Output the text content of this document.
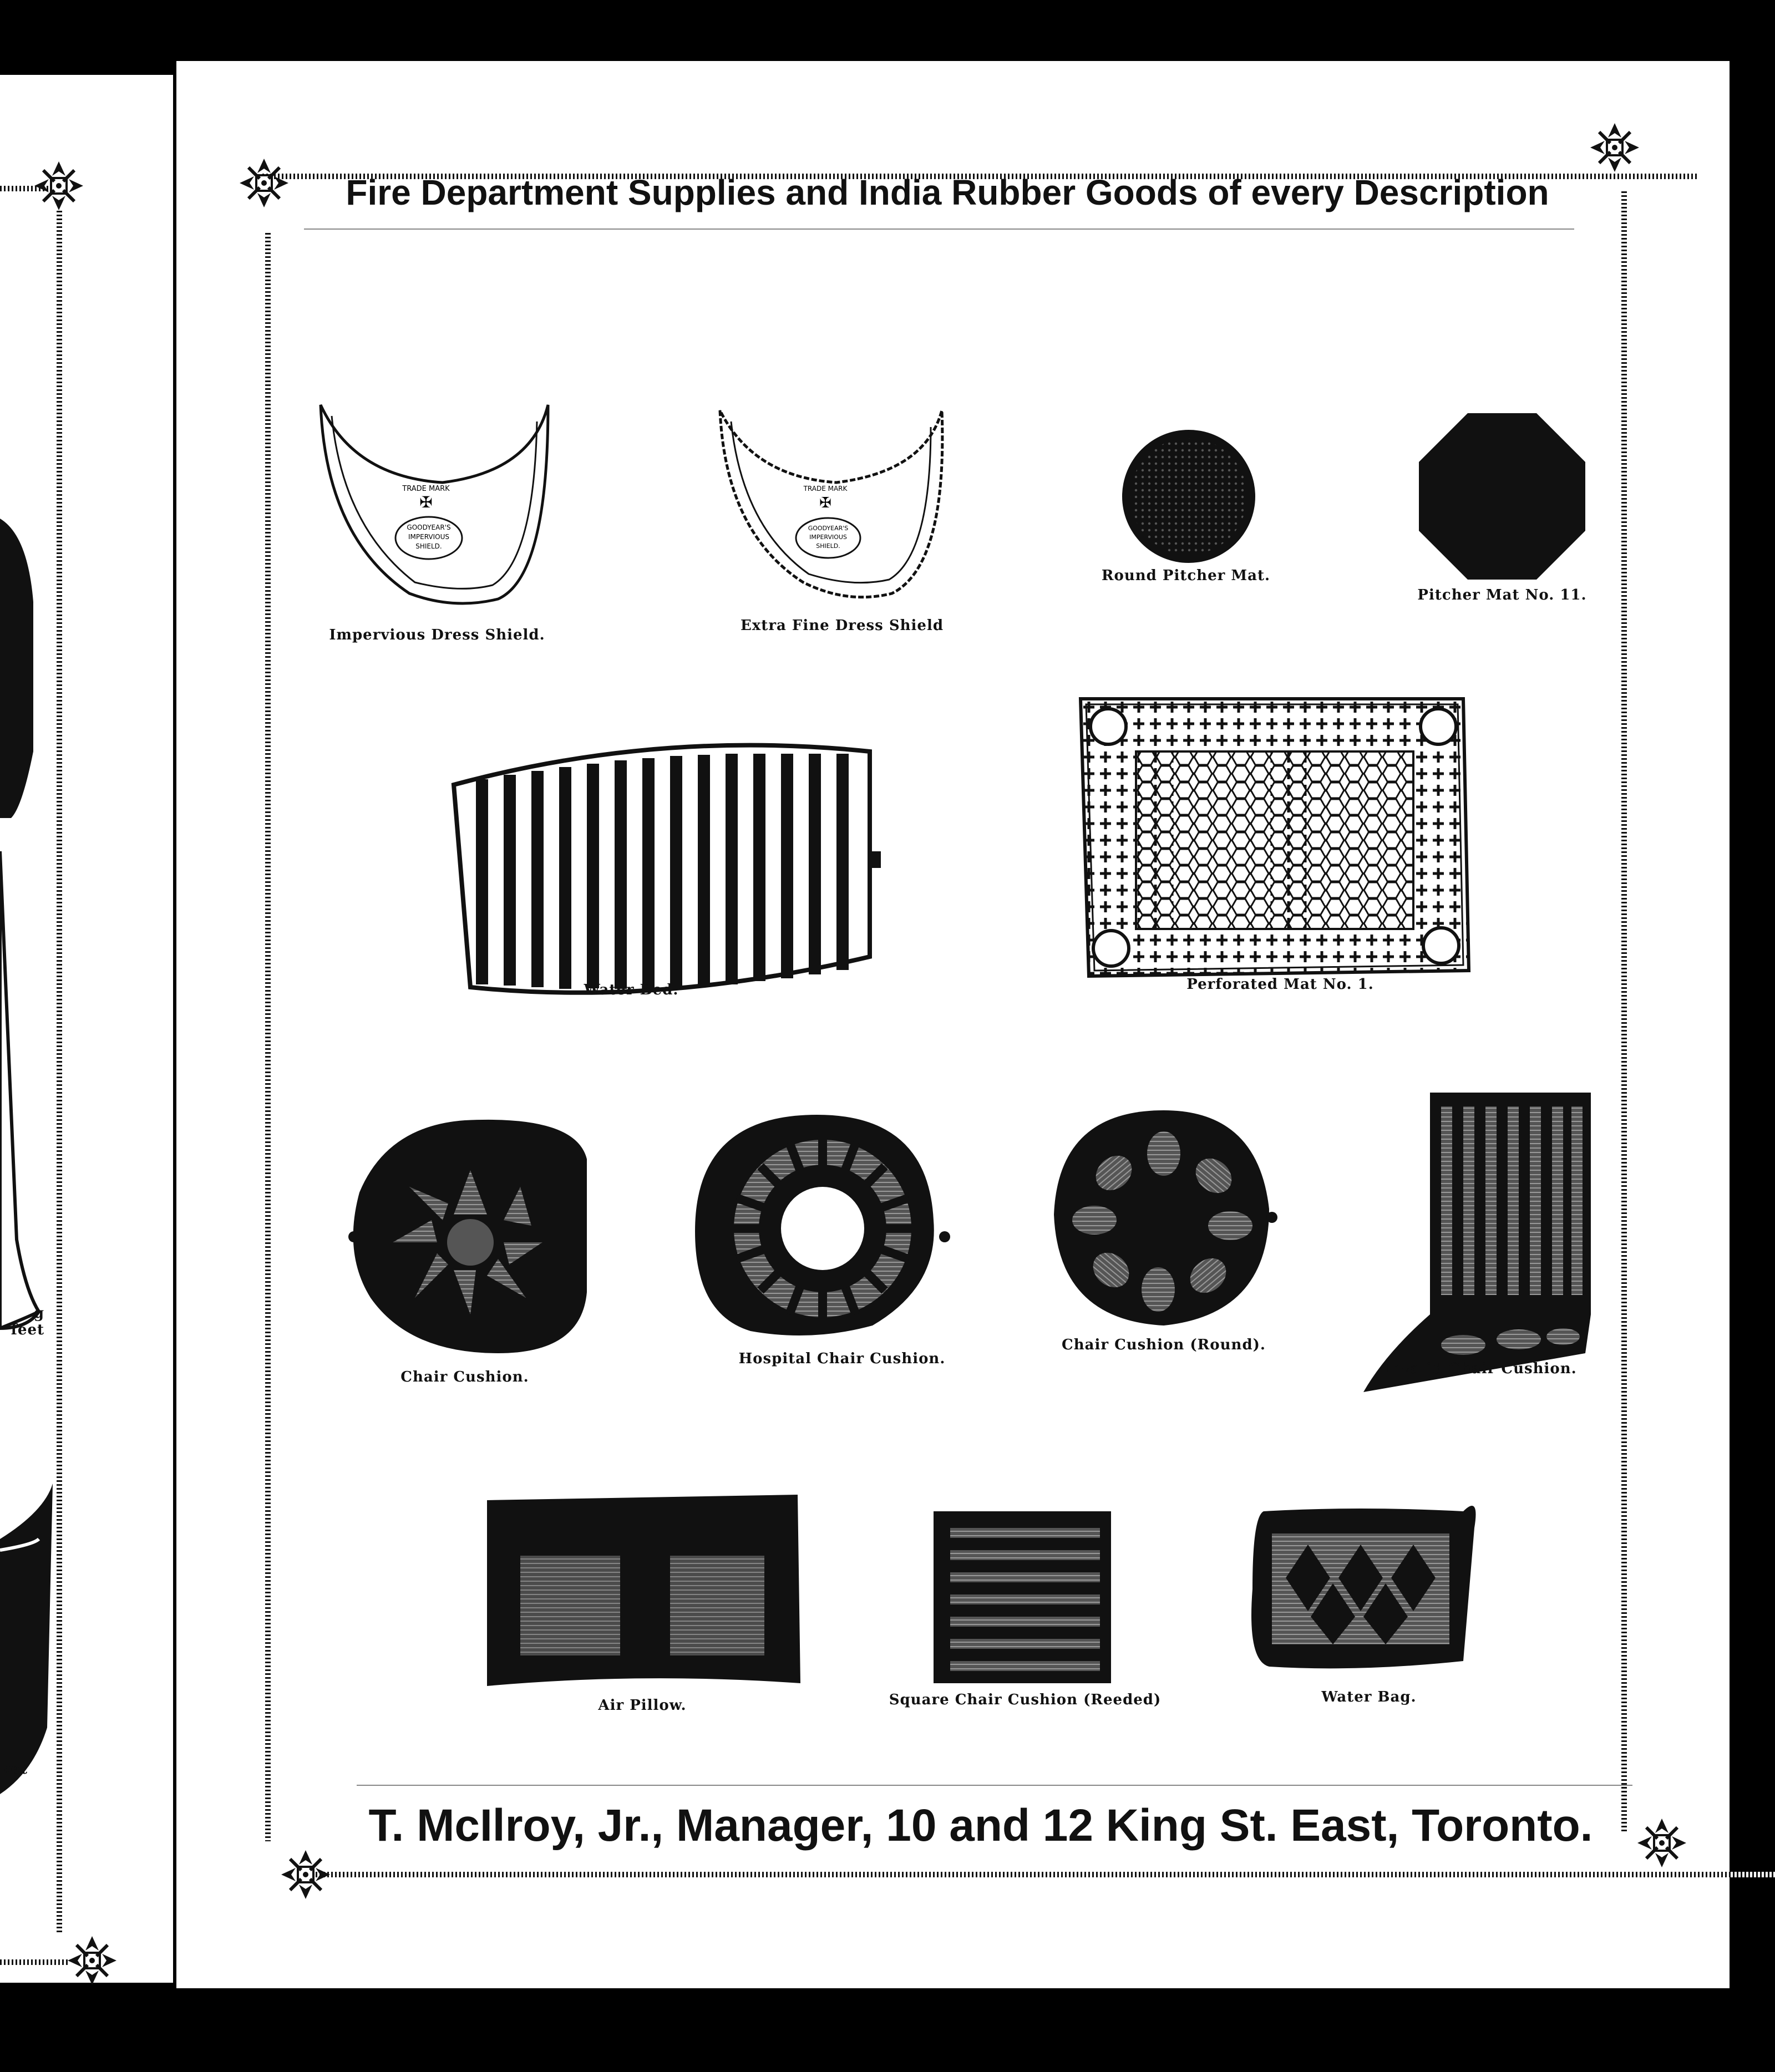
g feet
ket
Fire Department Supplies and India Rubber Goods of every Description
TRADE MARK
✠
GOODYEAR'S
IMPERVIOUS
SHIELD.
Impervious Dress Shield.
TRADE MARK
✠
GOODYEAR'S
IMPERVIOUS
SHIELD.
Extra Fine Dress Shield
Round Pitcher Mat.
Pitcher Mat No. 11.
Water Bed.	Perforated Mat No. 1.
Chair Cushion.
Hospital Chair Cushion.
Chair Cushion (Round).
Invalid Chair Cushion.
Air Pillow.	Square Chair Cushion (Reeded)	Water Bag.
T. McIlroy, Jr., Manager, 10 and 12 King St. East, Toronto.
